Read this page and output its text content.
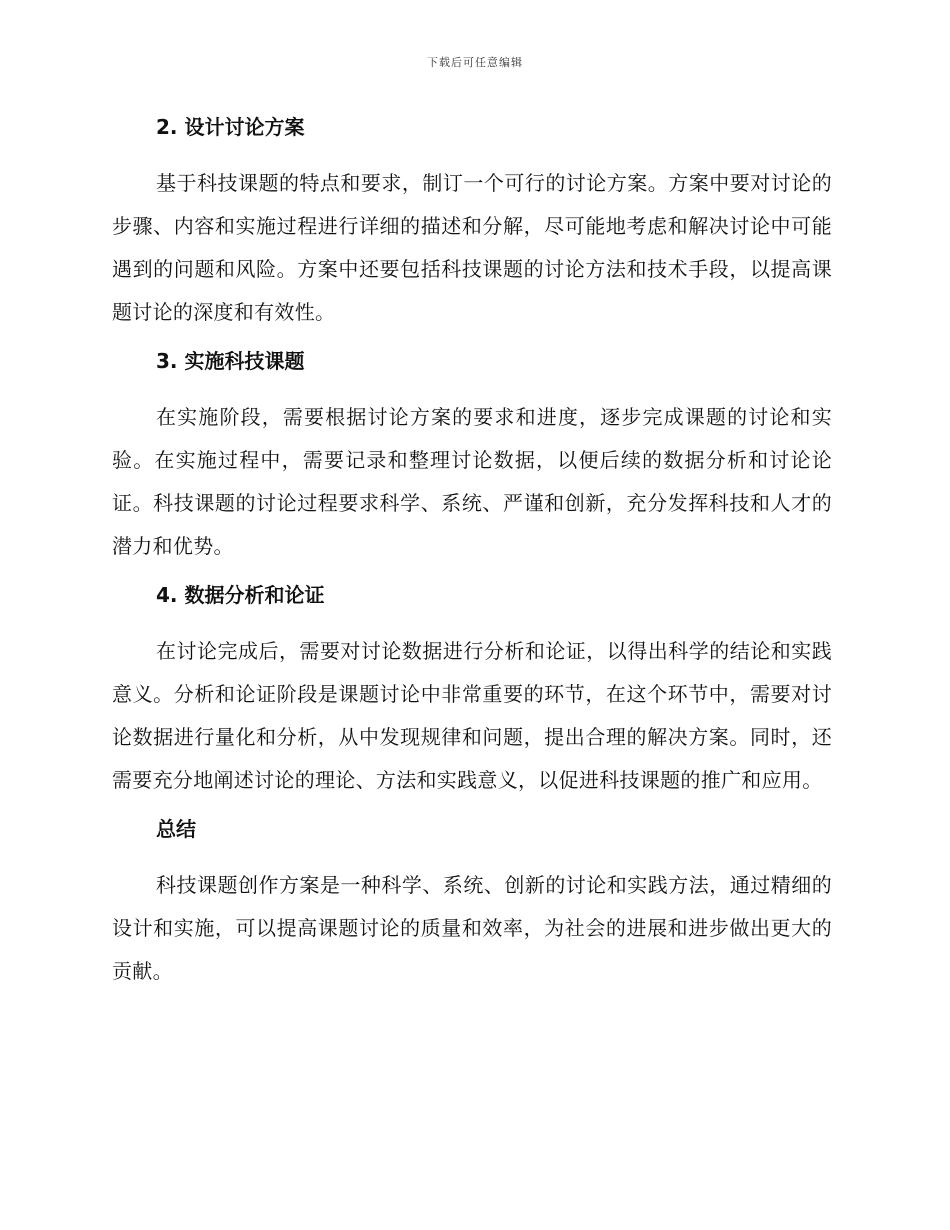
下载后可任意编辑
2. 设计讨论方案

基于科技课题的特点和要求，制订一个可行的讨论方案。方案中要对讨论的步骤、内容和实施过程进行详细的描述和分解，尽可能地考虑和解决讨论中可能遇到的问题和风险。方案中还要包括科技课题的讨论方法和技术手段，以提高课题讨论的深度和有效性。

3. 实施科技课题

在实施阶段，需要根据讨论方案的要求和进度，逐步完成课题的讨论和实验。在实施过程中，需要记录和整理讨论数据，以便后续的数据分析和讨论论证。科技课题的讨论过程要求科学、系统、严谨和创新，充分发挥科技和人才的潜力和优势。

4. 数据分析和论证

在讨论完成后，需要对讨论数据进行分析和论证，以得出科学的结论和实践意义。分析和论证阶段是课题讨论中非常重要的环节，在这个环节中，需要对讨论数据进行量化和分析，从中发现规律和问题，提出合理的解决方案。同时，还需要充分地阐述讨论的理论、方法和实践意义，以促进科技课题的推广和应用。

总结

科技课题创作方案是一种科学、系统、创新的讨论和实践方法，通过精细的设计和实施，可以提高课题讨论的质量和效率，为社会的进展和进步做出更大的贡献。
